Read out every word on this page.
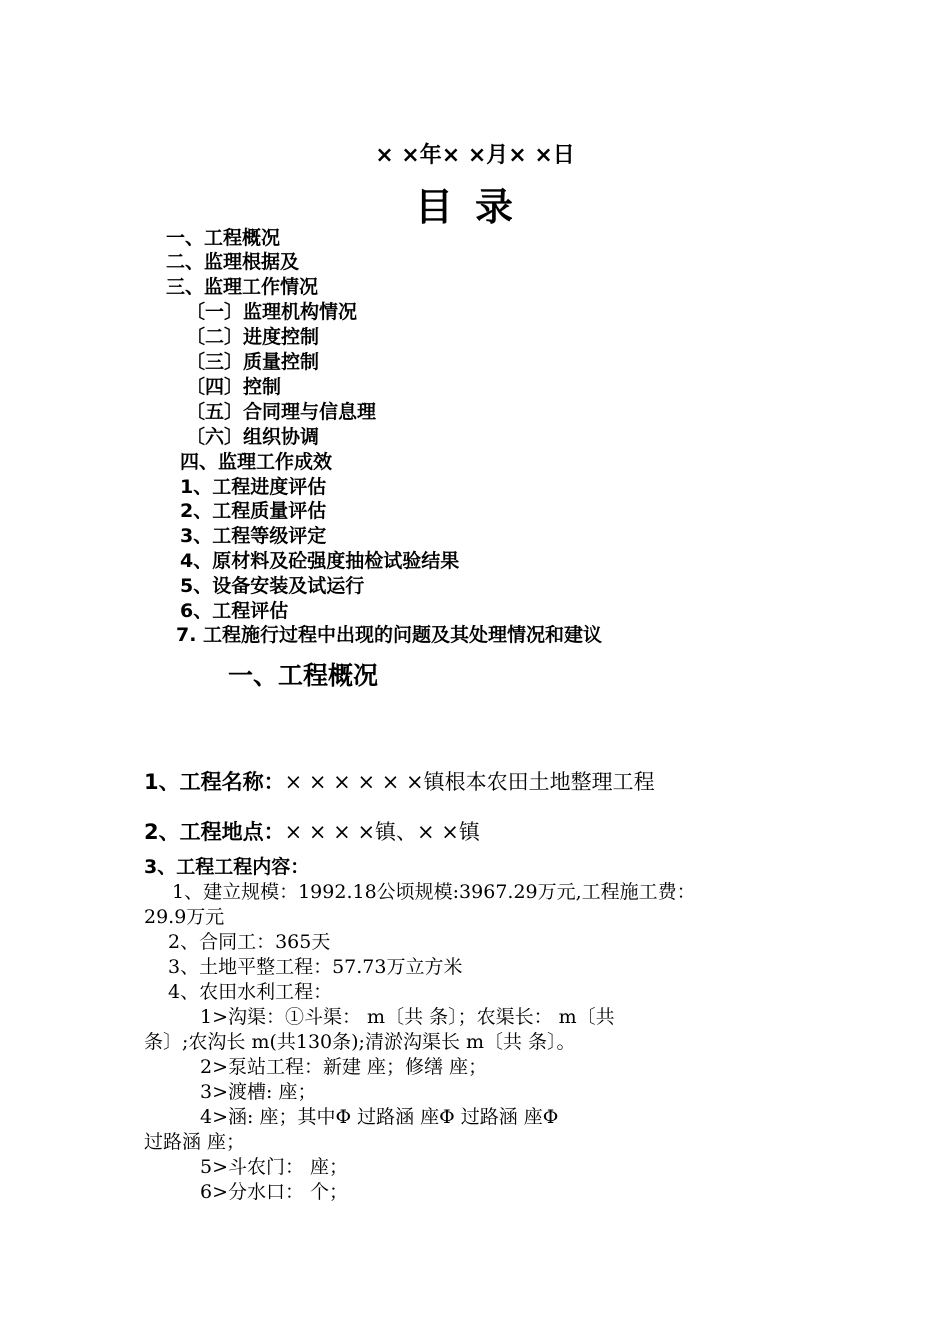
× ×年× ×月× ×日
目录
一、工程概况
二、监理根据及
三、监理工作情况
〔一〕监理机构情况
〔二〕进度控制
〔三〕质量控制
〔四〕控制
〔五〕合同理与信息理
〔六〕组织协调
四、监理工作成效
1、工程进度评估
2、工程质量评估
3、工程等级评定
4、原材料及砼强度抽检试验结果
5、设备安装及试运行
6、工程评估
7. 工程施行过程中出现的问题及其处理情况和建议
一、工程概况
1、工程名称：× × × × × ×镇根本农田土地整理工程
2、工程地点：× × × ×镇、× ×镇
3、工程工程内容：
1、建立规模：1992.18公顷规模:3967.29万元,工程施工费：
29.9万元
2、合同工：365天
3、土地平整工程：57.73万立方米
4、农田水利工程：
1>沟渠：①斗渠： m〔共 条〕；农渠长： m〔共
条〕;农沟长 m(共130条);清淤沟渠长 m〔共 条〕。
2>泵站工程：新建 座；修缮 座；
3>渡槽: 座；
4>涵: 座；其中Φ 过路涵 座Φ 过路涵 座Φ
过路涵 座；
5>斗农门： 座；
6>分水口： 个；
